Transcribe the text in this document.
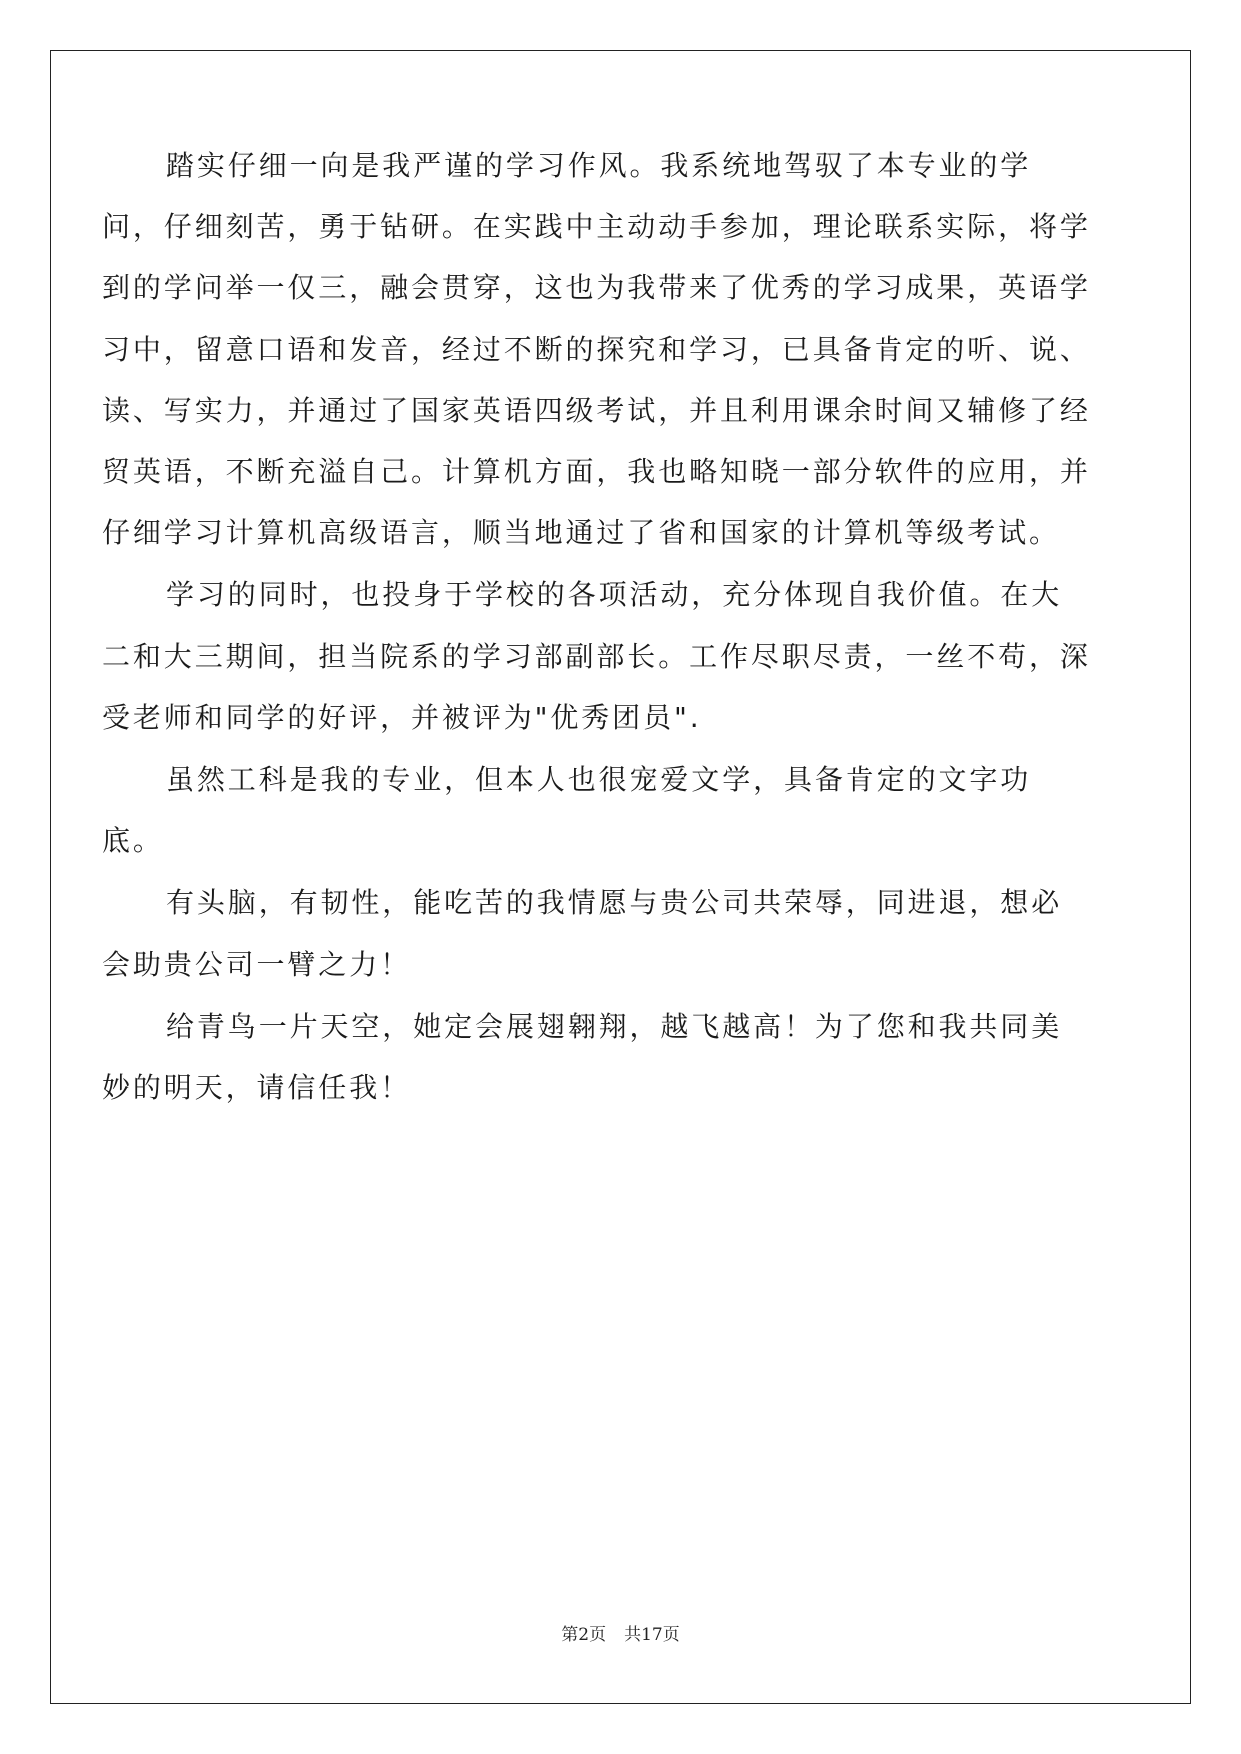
踏实仔细一向是我严谨的学习作风。我系统地驾驭了本专业的学问，仔细刻苦，勇于钻研。在实践中主动动手参加，理论联系实际，将学到的学问举一仅三，融会贯穿，这也为我带来了优秀的学习成果，英语学习中，留意口语和发音，经过不断的探究和学习，已具备肯定的听、说、读、写实力，并通过了国家英语四级考试，并且利用课余时间又辅修了经贸英语，不断充溢自己。计算机方面，我也略知晓一部分软件的应用，并仔细学习计算机高级语言，顺当地通过了省和国家的计算机等级考试。

学习的同时，也投身于学校的各项活动，充分体现自我价值。在大二和大三期间，担当院系的学习部副部长。工作尽职尽责，一丝不苟，深受老师和同学的好评，并被评为"优秀团员".

虽然工科是我的专业，但本人也很宠爱文学，具备肯定的文字功底。

有头脑，有韧性，能吃苦的我情愿与贵公司共荣辱，同进退，想必会助贵公司一臂之力！

给青鸟一片天空，她定会展翅翱翔，越飞越高！为了您和我共同美妙的明天，请信任我！

第2页 共17页
